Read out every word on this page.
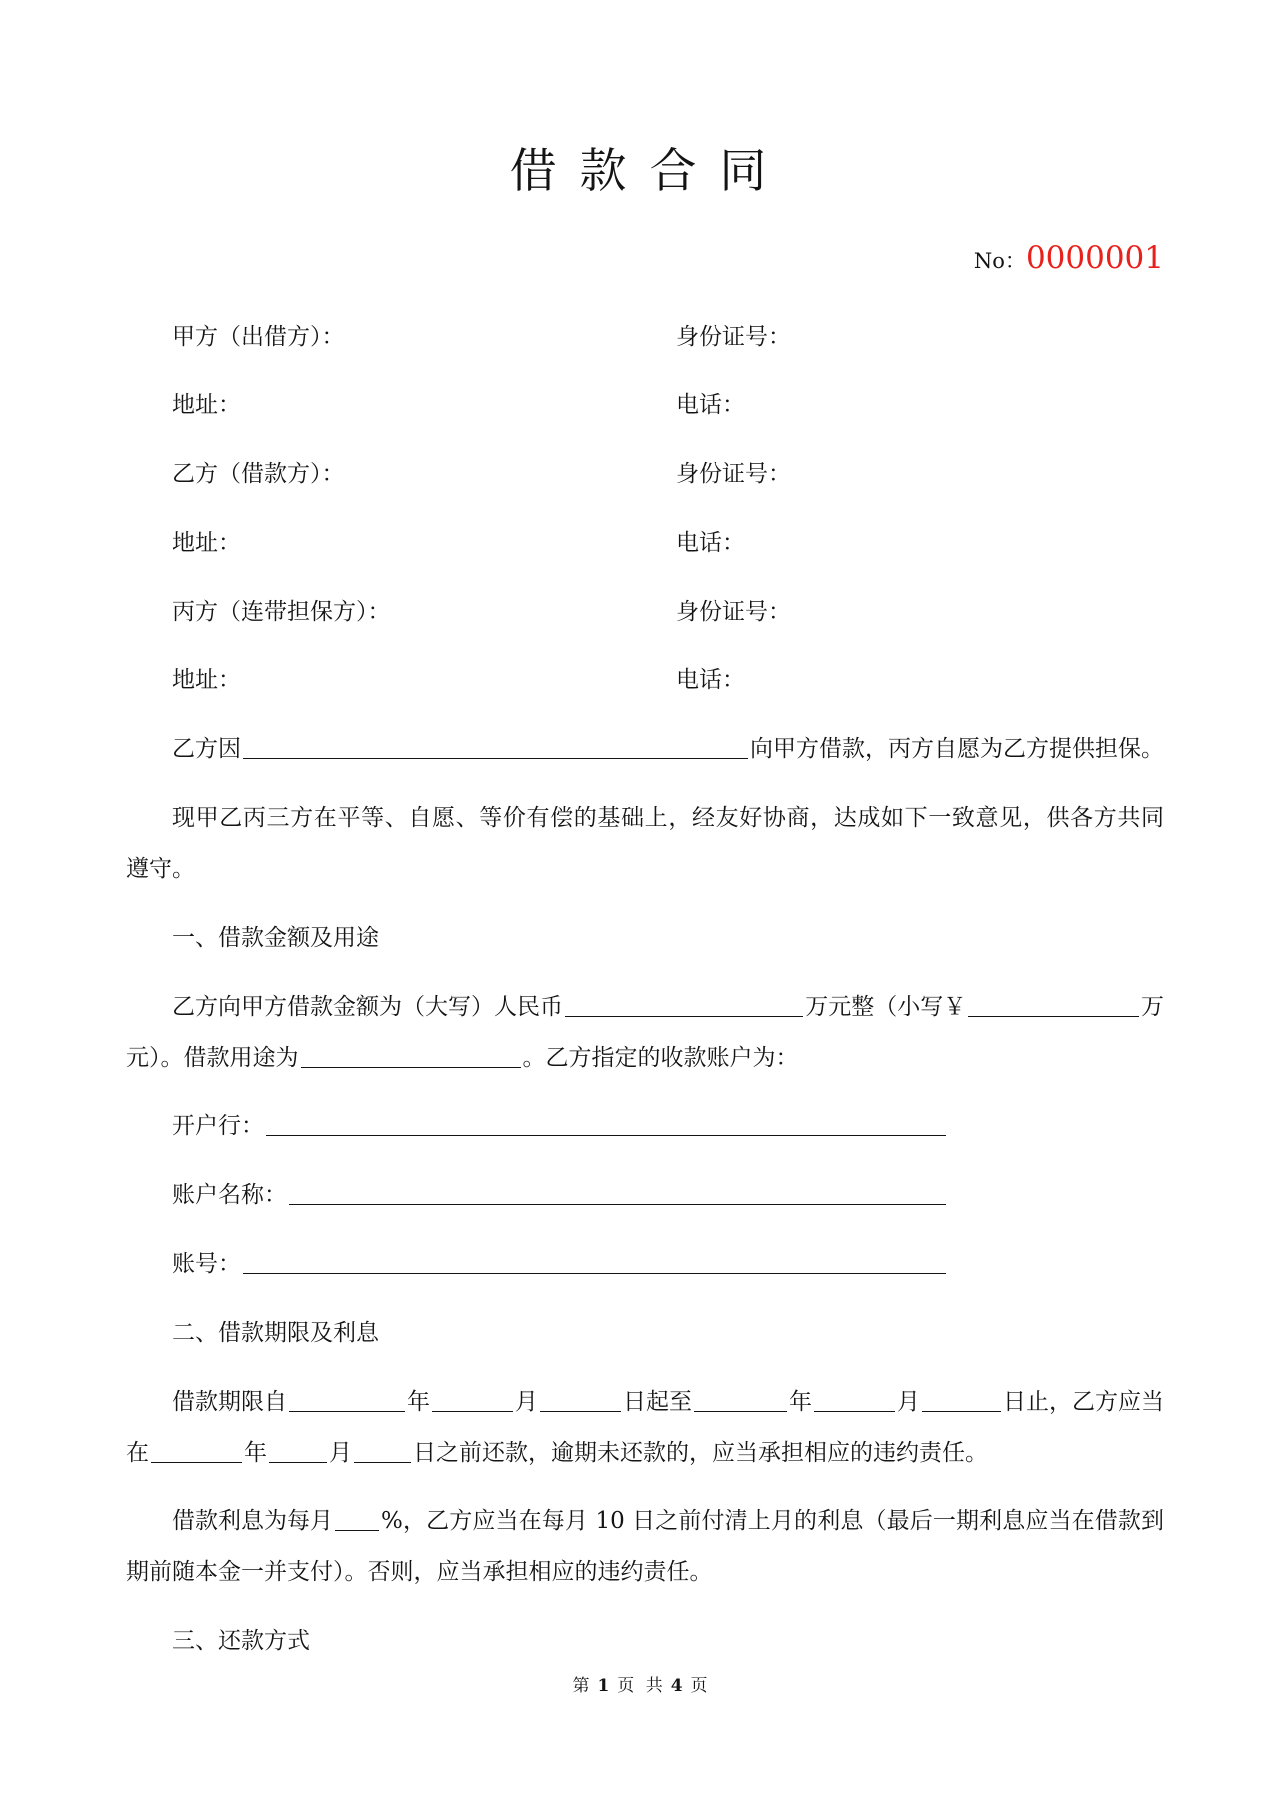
借 款 合 同
No：0000001
甲方（出借方）：	身份证号：
地址：	电话：
乙方（借款方）：	身份证号：
地址：	电话：
丙方（连带担保方）：	身份证号：
地址：	电话：
乙方因	向甲方借款，丙方自愿为乙方提供担保。
现甲乙丙三方在平等、自愿、等价有偿的基础上，经友好协商，达成如下一致意见，供各方共同
遵守。
一、借款金额及用途
乙方向甲方借款金额为（大写）人民币	万元整（小写￥	万
元）。借款用途为	。乙方指定的收款账户为：
开户行：
账户名称：
账号：
二、借款期限及利息
借款期限自	年	月	日起至	年	月	日止，乙方应当
在	年	月	日之前还款，逾期未还款的，应当承担相应的违约责任。
借款利息为每月 %，乙方应当在每月 10 日之前付清上月的利息（最后一期利息应当在借款到
期前随本金一并支付）。否则，应当承担相应的违约责任。
三、还款方式
第 1 页 共 4 页
